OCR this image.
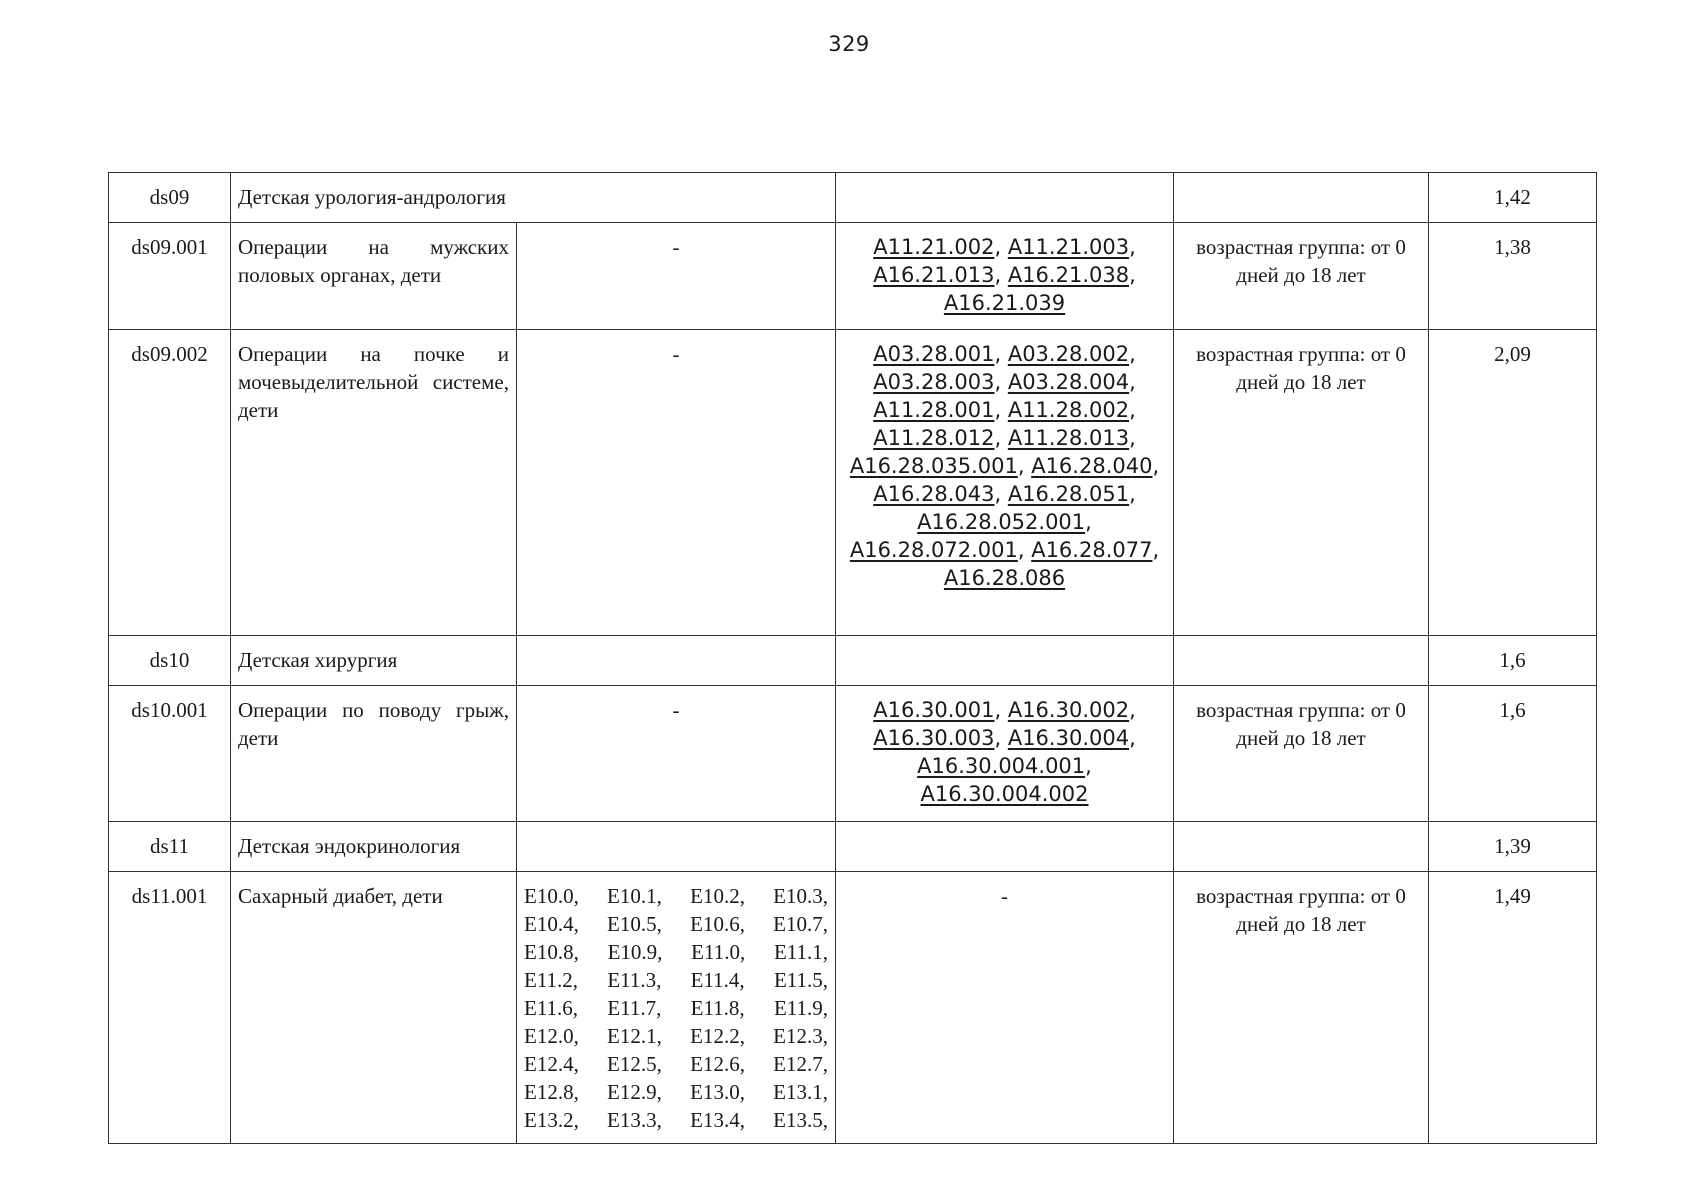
329
ds09	Детская урология-андрология				1,42
ds09.001	Операции на мужских половых органах, дети	-	A11.21.002, A11.21.003, A16.21.013, A16.21.038, A16.21.039	возрастная группа: от 0 дней до 18 лет	1,38
ds09.002	Операции на почке и мочевыделительной системе, дети	-	A03.28.001, A03.28.002, A03.28.003, A03.28.004, A11.28.001, A11.28.002, A11.28.012, A11.28.013, A16.28.035.001, A16.28.040, A16.28.043, A16.28.051, A16.28.052.001, A16.28.072.001, A16.28.077, A16.28.086	возрастная группа: от 0 дней до 18 лет	2,09
ds10	Детская хирургия				1,6
ds10.001	Операции по поводу грыж, дети	-	A16.30.001, A16.30.002, A16.30.003, A16.30.004, A16.30.004.001, A16.30.004.002	возрастная группа: от 0 дней до 18 лет	1,6
ds11	Детская эндокринология				1,39
ds11.001	Сахарный диабет, дети	E10.0, E10.1, E10.2, E10.3, E10.4, E10.5, E10.6, E10.7, E10.8, E10.9, E11.0, E11.1, E11.2, E11.3, E11.4, E11.5, E11.6, E11.7, E11.8, E11.9, E12.0, E12.1, E12.2, E12.3, E12.4, E12.5, E12.6, E12.7, E12.8, E12.9, E13.0, E13.1, E13.2, E13.3, E13.4, E13.5,	-	возрастная группа: от 0 дней до 18 лет	1,49
